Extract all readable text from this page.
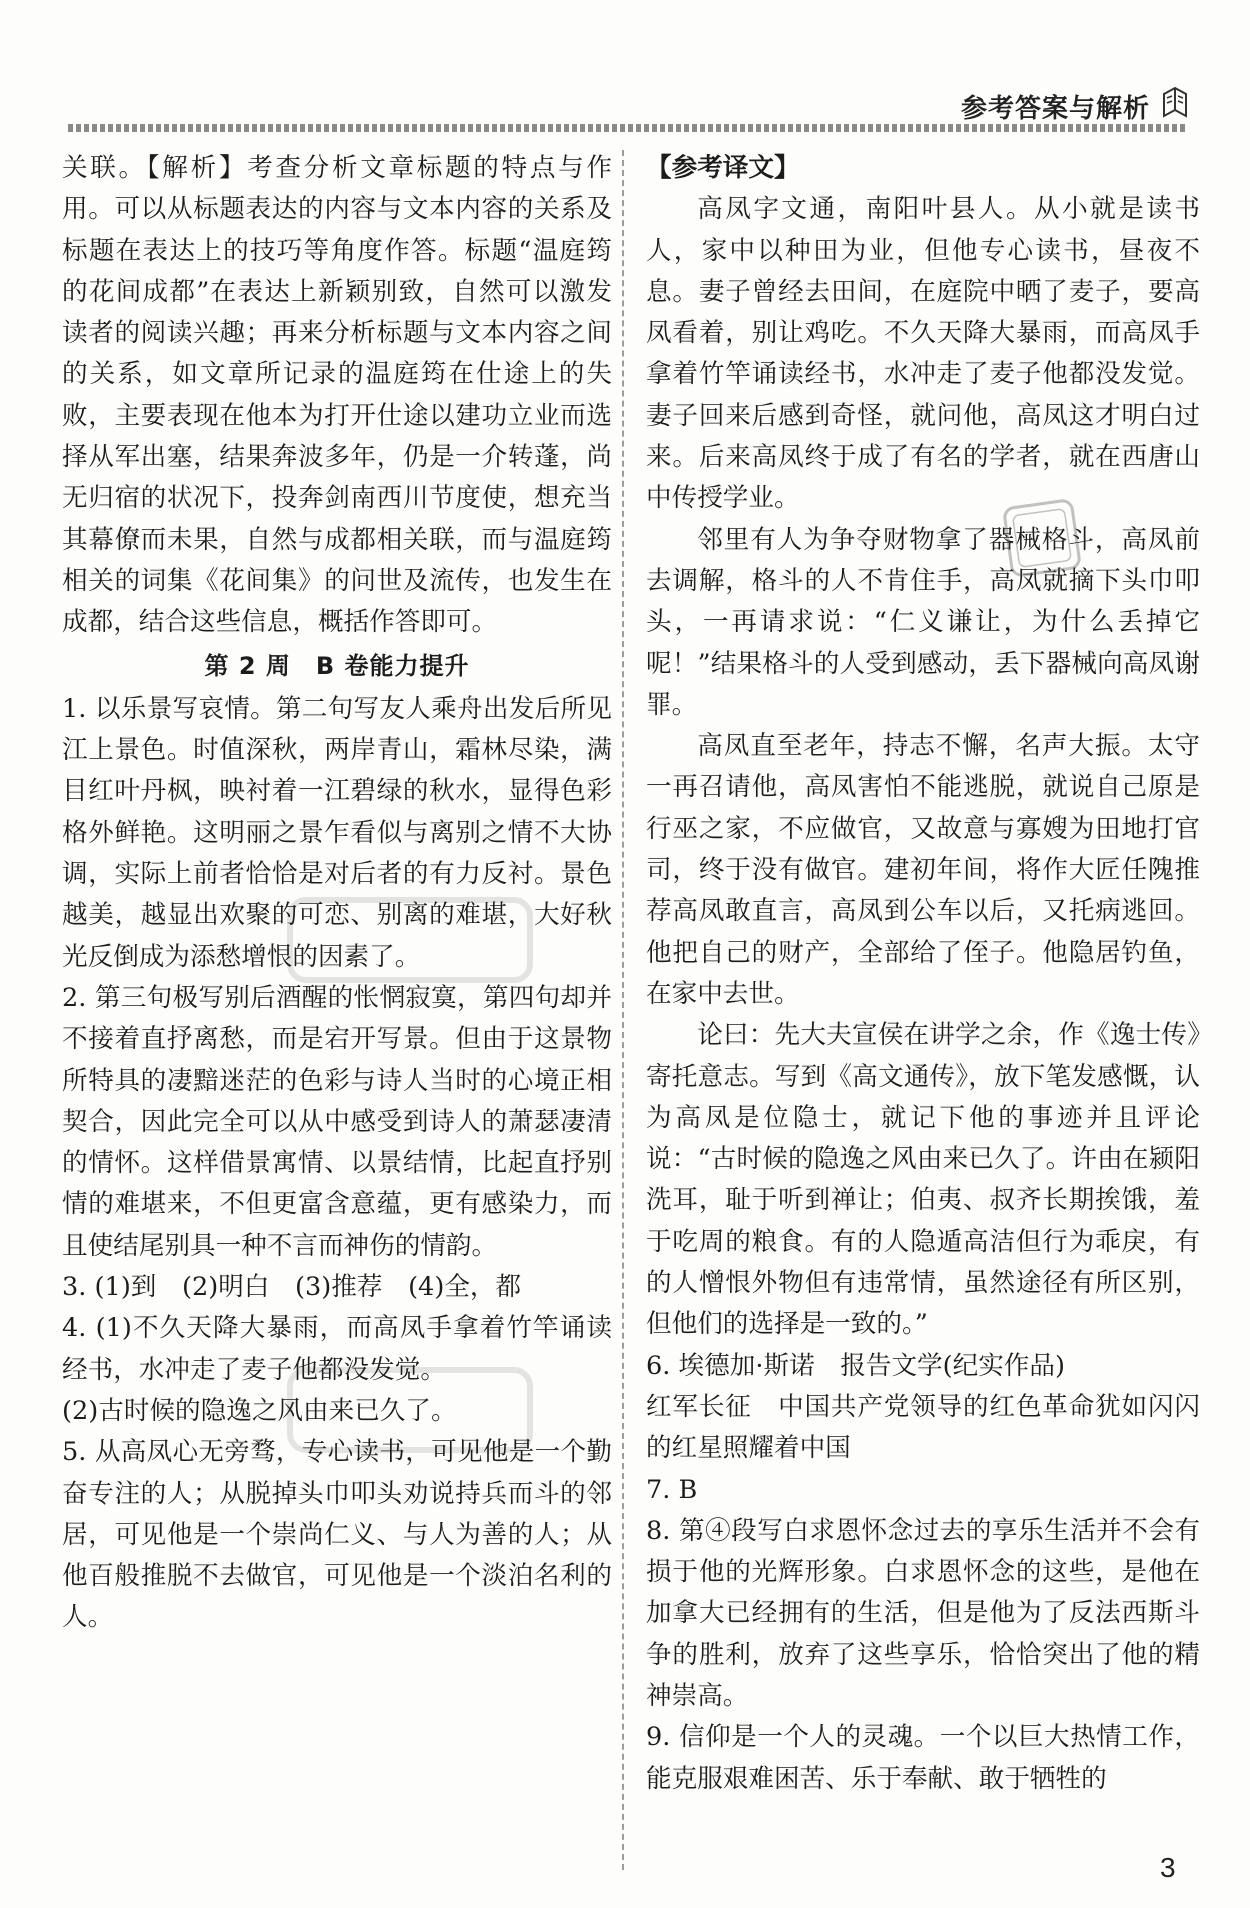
参考答案与解析

关联。【解析】考查分析文章标题的特点与作用。可以从标题表达的内容与文本内容的关系及标题在表达上的技巧等角度作答。标题“温庭筠的花间成都”在表达上新颖别致，自然可以激发读者的阅读兴趣；再来分析标题与文本内容之间的关系，如文章所记录的温庭筠在仕途上的失败，主要表现在他本为打开仕途以建功立业而选择从军出塞，结果奔波多年，仍是一介转蓬，尚无归宿的状况下，投奔剑南西川节度使，想充当其幕僚而未果，自然与成都相关联，而与温庭筠相关的词集《花间集》的问世及流传，也发生在成都，结合这些信息，概括作答即可。

第 2 周　B 卷能力提升

1. 以乐景写哀情。第二句写友人乘舟出发后所见江上景色。时值深秋，两岸青山，霜林尽染，满目红叶丹枫，映衬着一江碧绿的秋水，显得色彩格外鲜艳。这明丽之景乍看似与离别之情不大协调，实际上前者恰恰是对后者的有力反衬。景色越美，越显出欢聚的可恋、别离的难堪，大好秋光反倒成为添愁增恨的因素了。

2. 第三句极写别后酒醒的怅惘寂寞，第四句却并不接着直抒离愁，而是宕开写景。但由于这景物所特具的凄黯迷茫的色彩与诗人当时的心境正相契合，因此完全可以从中感受到诗人的萧瑟凄清的情怀。这样借景寓情、以景结情，比起直抒别情的难堪来，不但更富含意蕴，更有感染力，而且使结尾别具一种不言而神伤的情韵。

3. (1)到　(2)明白　(3)推荐　(4)全，都

4. (1)不久天降大暴雨，而高凤手拿着竹竿诵读经书，水冲走了麦子他都没发觉。

(2)古时候的隐逸之风由来已久了。

5. 从高凤心无旁骛，专心读书，可见他是一个勤奋专注的人；从脱掉头巾叩头劝说持兵而斗的邻居，可见他是一个崇尚仁义、与人为善的人；从他百般推脱不去做官，可见他是一个淡泊名利的人。

【参考译文】

高凤字文通，南阳叶县人。从小就是读书人，家中以种田为业，但他专心读书，昼夜不息。妻子曾经去田间，在庭院中晒了麦子，要高凤看着，别让鸡吃。不久天降大暴雨，而高凤手拿着竹竿诵读经书，水冲走了麦子他都没发觉。妻子回来后感到奇怪，就问他，高凤这才明白过来。后来高凤终于成了有名的学者，就在西唐山中传授学业。

邻里有人为争夺财物拿了器械格斗，高凤前去调解，格斗的人不肯住手，高凤就摘下头巾叩头，一再请求说：“仁义谦让，为什么丢掉它呢！”结果格斗的人受到感动，丢下器械向高凤谢罪。

高凤直至老年，持志不懈，名声大振。太守一再召请他，高凤害怕不能逃脱，就说自己原是行巫之家，不应做官，又故意与寡嫂为田地打官司，终于没有做官。建初年间，将作大匠任隗推荐高凤敢直言，高凤到公车以后，又托病逃回。他把自己的财产，全部给了侄子。他隐居钓鱼，在家中去世。

论曰：先大夫宣侯在讲学之余，作《逸士传》寄托意志。写到《高文通传》，放下笔发感慨，认为高凤是位隐士，就记下他的事迹并且评论说：“古时候的隐逸之风由来已久了。许由在颍阳洗耳，耻于听到禅让；伯夷、叔齐长期挨饿，羞于吃周的粮食。有的人隐遁高洁但行为乖戾，有的人憎恨外物但有违常情，虽然途径有所区别，但他们的选择是一致的。”

6. 埃德加·斯诺　报告文学(纪实作品)

红军长征　中国共产党领导的红色革命犹如闪闪的红星照耀着中国

7. B

8. 第④段写白求恩怀念过去的享乐生活并不会有损于他的光辉形象。白求恩怀念的这些，是他在加拿大已经拥有的生活，但是他为了反法西斯斗争的胜利，放弃了这些享乐，恰恰突出了他的精神崇高。

9. 信仰是一个人的灵魂。一个以巨大热情工作，能克服艰难困苦、乐于奉献、敢于牺牲的

3
